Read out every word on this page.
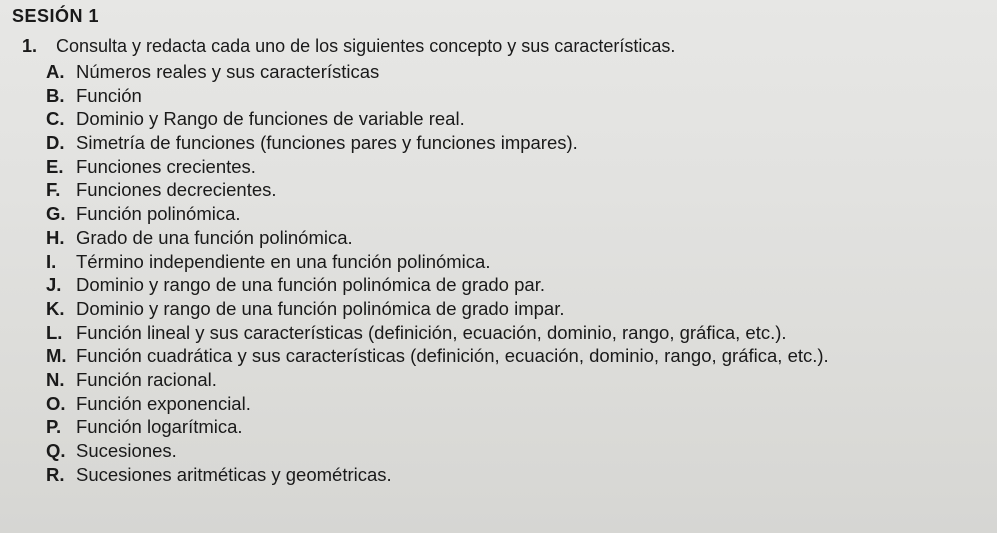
SESIÓN 1

1. Consulta y redacta cada uno de los siguientes concepto y sus características.

A. Números reales y sus características
B. Función
C. Dominio y Rango de funciones de variable real.
D. Simetría de funciones (funciones pares y funciones impares).
E. Funciones crecientes.
F. Funciones decrecientes.
G. Función polinómica.
H. Grado de una función polinómica.
I. Término independiente en una función polinómica.
J. Dominio y rango de una función polinómica de grado par.
K. Dominio y rango de una función polinómica de grado impar.
L. Función lineal y sus características (definición, ecuación, dominio, rango, gráfica, etc.).
M. Función cuadrática y sus características (definición, ecuación, dominio, rango, gráfica, etc.).
N. Función racional.
O. Función exponencial.
P. Función logarítmica.
Q. Sucesiones.
R. Sucesiones aritméticas y geométricas.
